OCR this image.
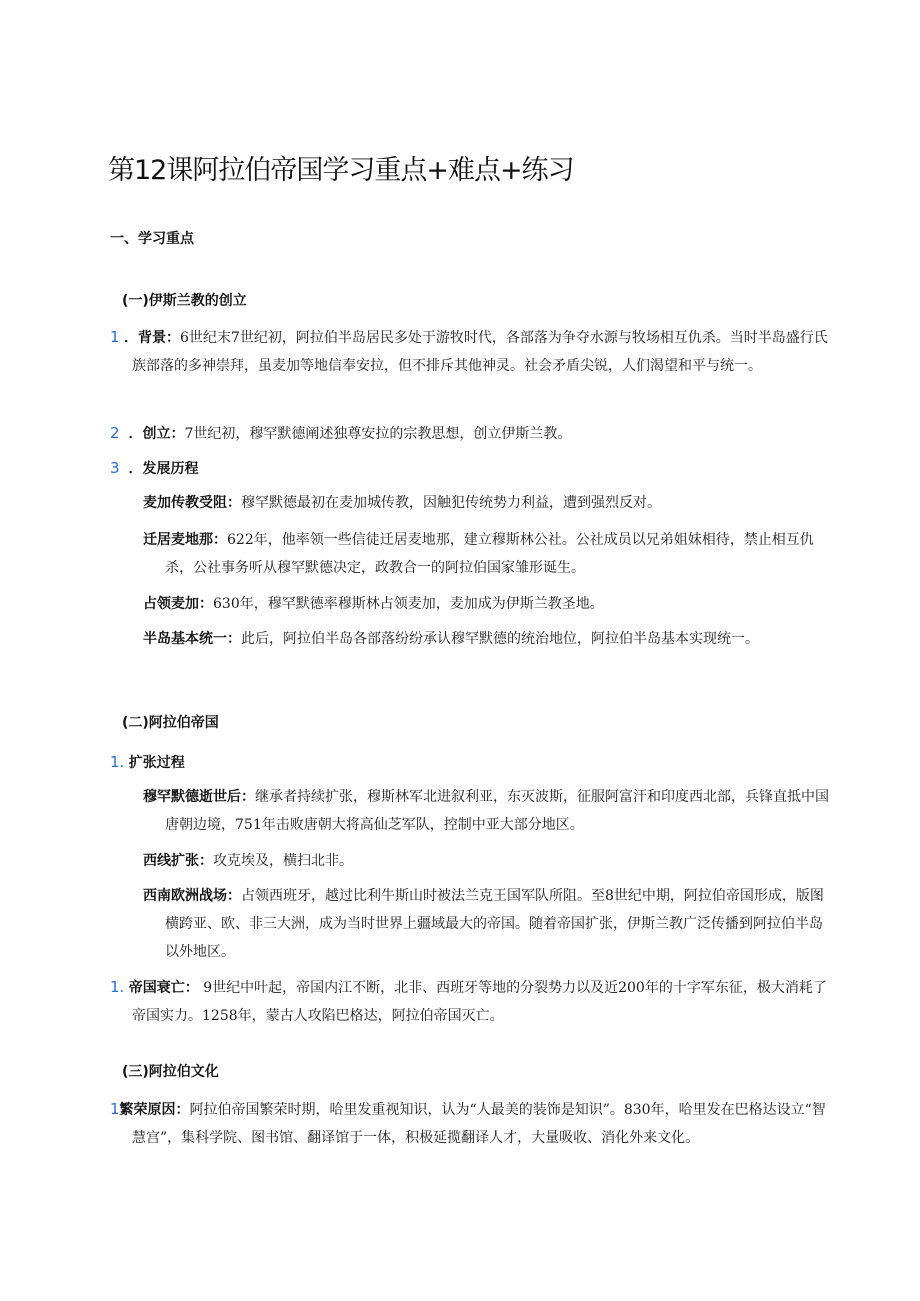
第12课阿拉伯帝国学习重点+难点+练习
一、学习重点
(一)伊斯兰教的创立

1 ．背景：6世纪末7世纪初，阿拉伯半岛居民多处于游牧时代，各部落为争夺水源与牧场相互仇杀。当时半岛盛行氏族部落的多神崇拜，虽麦加等地信奉安拉，但不排斥其他神灵。社会矛盾尖锐，人们渴望和平与统一。

2 ．创立：7世纪初，穆罕默德阐述独尊安拉的宗教思想，创立伊斯兰教。

3 ．发展历程

麦加传教受阻：穆罕默德最初在麦加城传教，因触犯传统势力利益，遭到强烈反对。

迁居麦地那：622年，他率领一些信徒迁居麦地那，建立穆斯林公社。公社成员以兄弟姐妹相待，禁止相互仇杀，公社事务听从穆罕默德决定，政教合一的阿拉伯国家雏形诞生。

占领麦加：630年，穆罕默德率穆斯林占领麦加，麦加成为伊斯兰教圣地。

半岛基本统一：此后，阿拉伯半岛各部落纷纷承认穆罕默德的统治地位，阿拉伯半岛基本实现统一。

(二)阿拉伯帝国

1. 扩张过程

穆罕默德逝世后：继承者持续扩张，穆斯林军北进叙利亚，东灭波斯，征服阿富汗和印度西北部，兵锋直抵中国唐朝边境，751年击败唐朝大将高仙芝军队，控制中亚大部分地区。

西线扩张：攻克埃及，横扫北非。

西南欧洲战场：占领西班牙，越过比利牛斯山时被法兰克王国军队所阻。至8世纪中期，阿拉伯帝国形成，版图横跨亚、欧、非三大洲，成为当时世界上疆域最大的帝国。随着帝国扩张，伊斯兰教广泛传播到阿拉伯半岛以外地区。

1. 帝国衰亡： 9世纪中叶起，帝国内江不断，北非、西班牙等地的分裂势力以及近200年的十字军东征，极大消耗了帝国实力。1258年，蒙古人攻陷巴格达，阿拉伯帝国灭亡。

(三)阿拉伯文化

1繁荣原因：阿拉伯帝国繁荣时期，哈里发重视知识，认为“人最美的装饰是知识”。830年，哈里发在巴格达设立“智慧宫”，集科学院、图书馆、翻译馆于一体，积极延揽翻译人才，大量吸收、消化外来文化。
